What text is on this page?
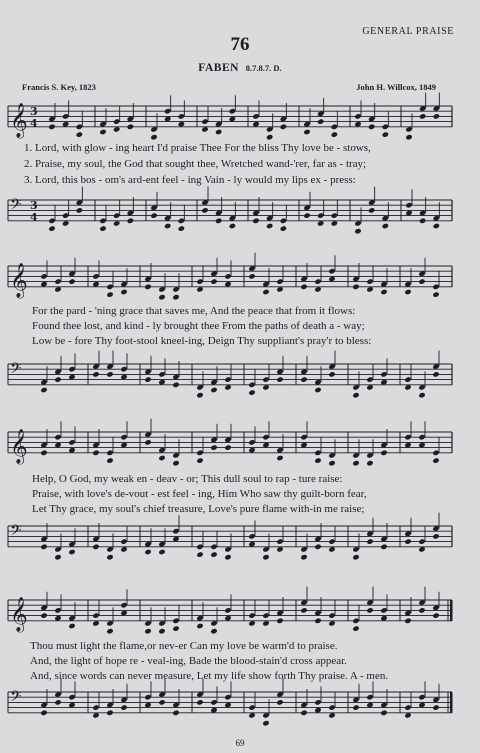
GENERAL PRAISE
76
FABEN 8.7.8.7. D.
Francis S. Key, 1823	John H. Willcox, 1849
𝄞 3
4
1. Lord, with glow - ing heart I'd praise Thee For the bliss Thy love be - stows,
2. Praise, my soul, the God that sought thee, Wretched wand-'rer, far as - tray;
3. Lord, this bos - om's ard-ent feel - ing Vain - ly would my lips ex - press:
𝄢 3
4
𝄞
For the pard - 'ning grace that saves me, And the peace that from it flows:
Found thee lost, and kind - ly brought thee From the paths of death a - way;
Low be - fore Thy foot-stool kneel-ing, Deign Thy suppliant's pray'r to bless:
𝄢
𝄞
Help, O God, my weak en - deav - or; This dull soul to rap - ture raise:
Praise, with love's de-vout - est feel - ing, Him Who saw thy guilt-born fear,
Let Thy grace, my soul's chief treasure, Love's pure flame with-in me raise;
𝄢
𝄞
Thou must light the flame,or nev-er Can my love be warm'd to praise.
And, the light of hope re - veal-ing, Bade the blood-stain'd cross appear.
And, since words can never measure, Let my life show forth Thy praise. A - men.
𝄢
69
